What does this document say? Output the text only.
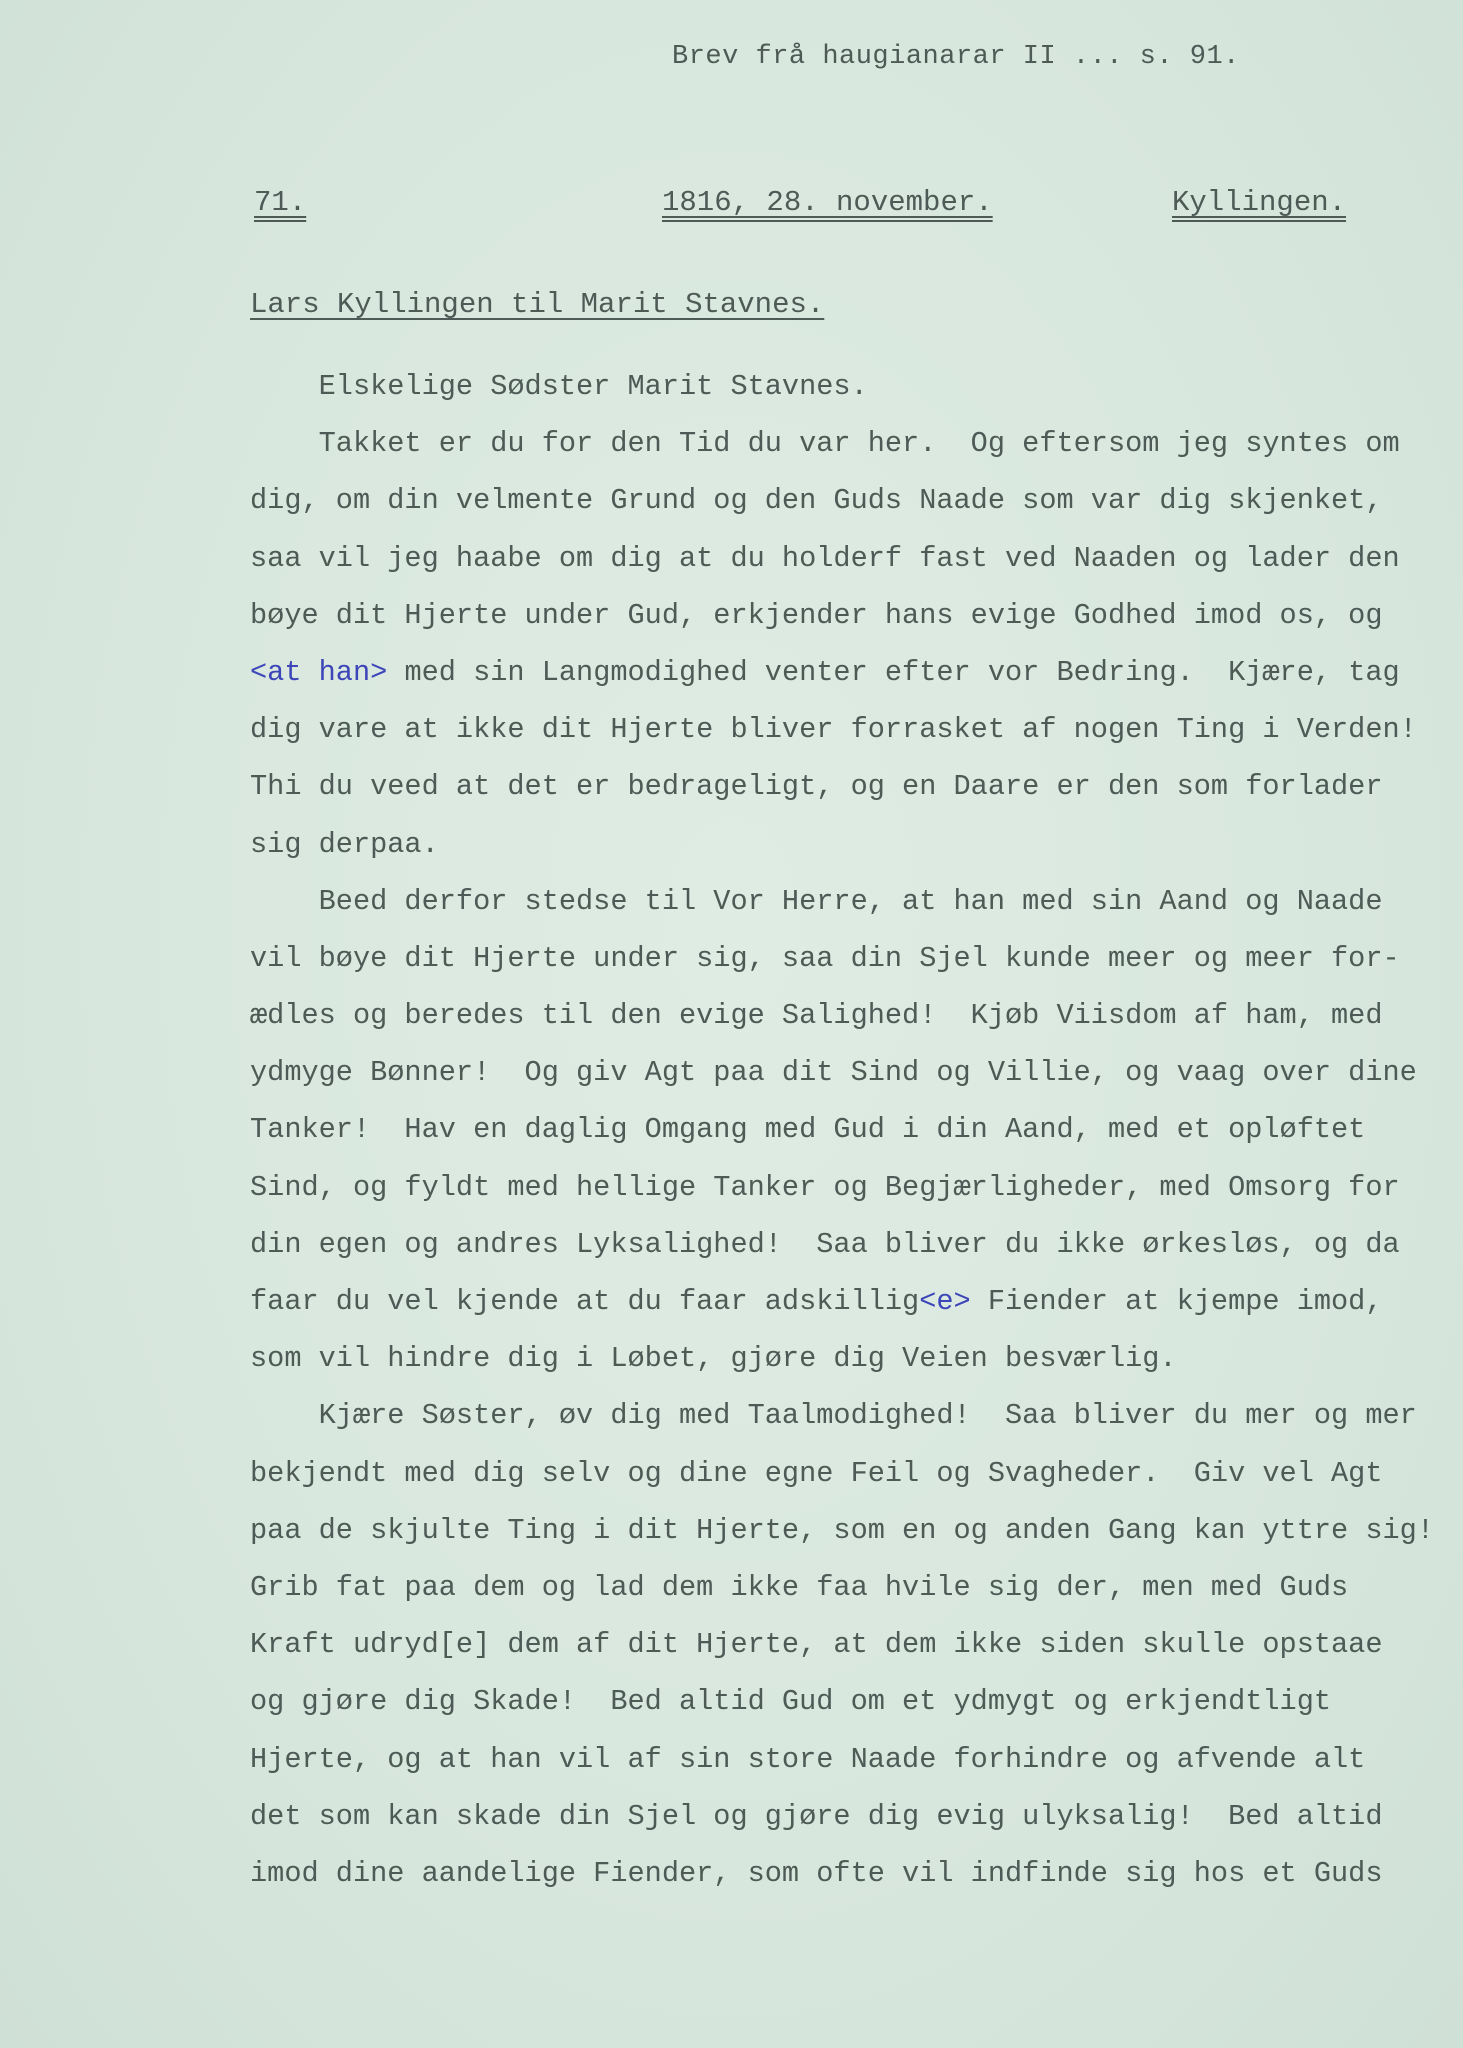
Brev frå haugianarar II ... s. 91.
71.	1816, 28. november.	Kyllingen.
Lars Kyllingen til Marit Stavnes.
Elskelige Sødster Marit Stavnes.
Takket er du for den Tid du var her.  Og eftersom jeg syntes om
dig, om din velmente Grund og den Guds Naade som var dig skjenket,
saa vil jeg haabe om dig at du holderf fast ved Naaden og lader den
bøye dit Hjerte under Gud, erkjender hans evige Godhed imod os, og
<at han> med sin Langmodighed venter efter vor Bedring.  Kjære, tag
dig vare at ikke dit Hjerte bliver forrasket af nogen Ting i Verden!
Thi du veed at det er bedrageligt, og en Daare er den som forlader
sig derpaa.
Beed derfor stedse til Vor Herre, at han med sin Aand og Naade
vil bøye dit Hjerte under sig, saa din Sjel kunde meer og meer for-
ædles og beredes til den evige Salighed!  Kjøb Viisdom af ham, med
ydmyge Bønner!  Og giv Agt paa dit Sind og Villie, og vaag over dine
Tanker!  Hav en daglig Omgang med Gud i din Aand, med et opløftet
Sind, og fyldt med hellige Tanker og Begjærligheder, med Omsorg for
din egen og andres Lyksalighed!  Saa bliver du ikke ørkesløs, og da
faar du vel kjende at du faar adskillig<e> Fiender at kjempe imod,
som vil hindre dig i Løbet, gjøre dig Veien besværlig.
Kjære Søster, øv dig med Taalmodighed!  Saa bliver du mer og mer
bekjendt med dig selv og dine egne Feil og Svagheder.  Giv vel Agt
paa de skjulte Ting i dit Hjerte, som en og anden Gang kan yttre sig!
Grib fat paa dem og lad dem ikke faa hvile sig der, men med Guds
Kraft udryd[e] dem af dit Hjerte, at dem ikke siden skulle opstaae
og gjøre dig Skade!  Bed altid Gud om et ydmygt og erkjendtligt
Hjerte, og at han vil af sin store Naade forhindre og afvende alt
det som kan skade din Sjel og gjøre dig evig ulyksalig!  Bed altid
imod dine aandelige Fiender, som ofte vil indfinde sig hos et Guds
